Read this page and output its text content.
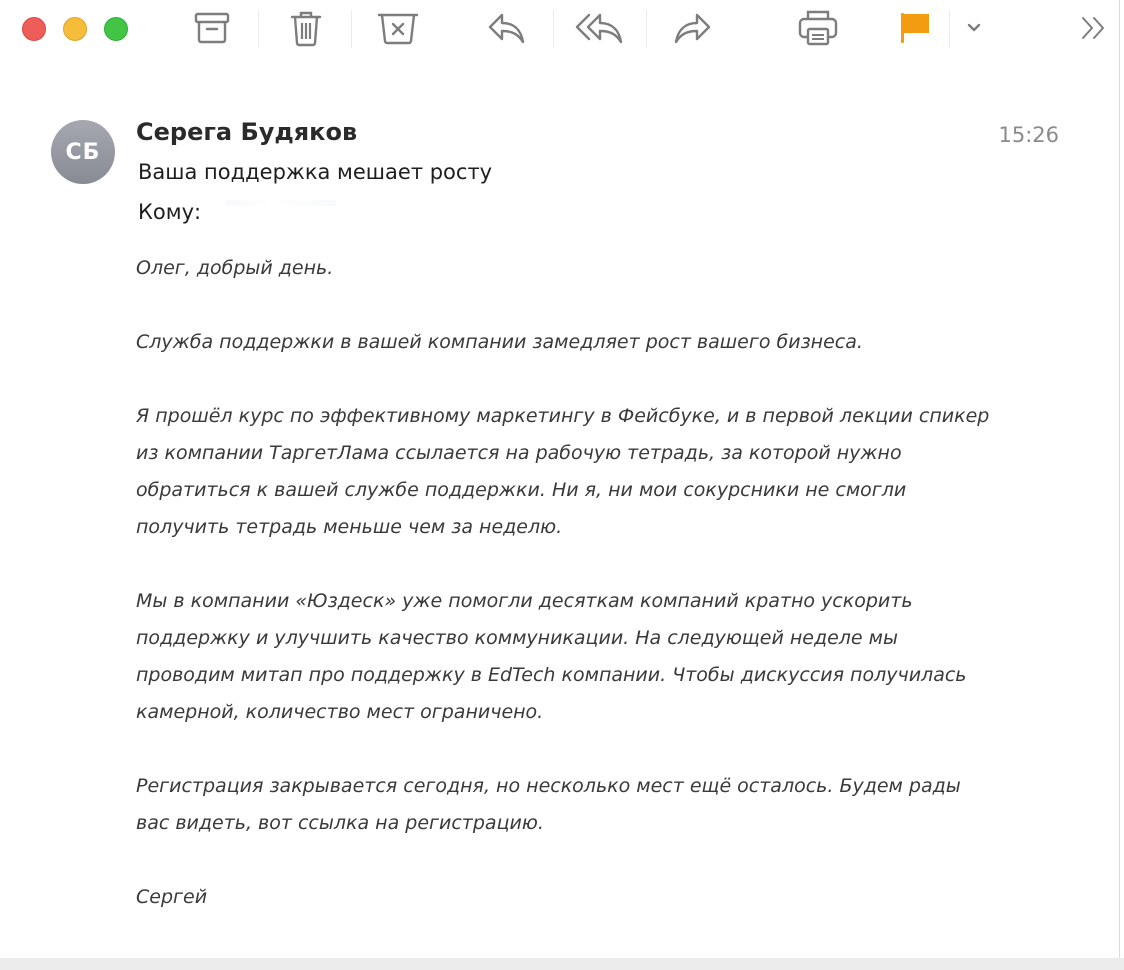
СБ
Серега Будяков	15:26
Ваша поддержка мешает росту
Кому:

Олег, добрый день.

Служба поддержки в вашей компании замедляет рост вашего бизнеса.

Я прошёл курс по эффективному маркетингу в Фейсбуке, и в первой лекции спикер из компании ТаргетЛама ссылается на рабочую тетрадь, за которой нужно обратиться к вашей службе поддержки. Ни я, ни мои сокурсники не смогли получить тетрадь меньше чем за неделю.

Мы в компании «Юздеск» уже помогли десяткам компаний кратно ускорить поддержку и улучшить качество коммуникации. На следующей неделе мы проводим митап про поддержку в EdTech компании. Чтобы дискуссия получилась камерной, количество мест ограничено.

Регистрация закрывается сегодня, но несколько мест ещё осталось. Будем рады вас видеть, вот ссылка на регистрацию.

Сергей
